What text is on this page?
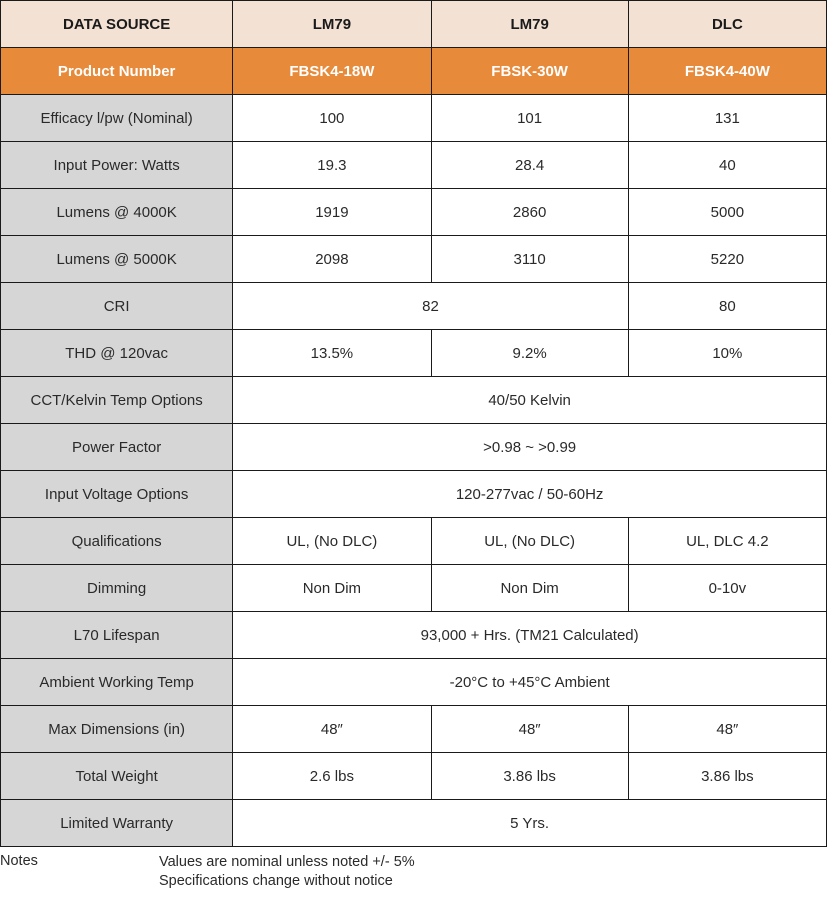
DATA SOURCE	LM79	LM79	DLC
Product Number	FBSK4-18W	FBSK-30W	FBSK4-40W
Efficacy l/pw (Nominal)	100	101	131
Input Power: Watts	19.3	28.4	40
Lumens @ 4000K	1919	2860	5000
Lumens @ 5000K	2098	3110	5220
CRI	82		80
THD @ 120vac	13.5%	9.2%	10%
CCT/Kelvin Temp Options	40/50 Kelvin		
Power Factor	>0.98 ~ >0.99		
Input Voltage Options	120-277vac / 50-60Hz		
Qualifications	UL, (No DLC)	UL, (No DLC)	UL, DLC 4.2
Dimming	Non Dim	Non Dim	0-10v
L70 Lifespan	93,000 + Hrs. (TM21 Calculated)		
Ambient Working Temp	-20°C to +45°C Ambient		
Max Dimensions (in)	48″	48″	48″
Total Weight	2.6 lbs	3.86 lbs	3.86 lbs
Limited Warranty	5 Yrs.		
Notes	Values are nominal unless noted +/- 5%
Specifications change without notice
